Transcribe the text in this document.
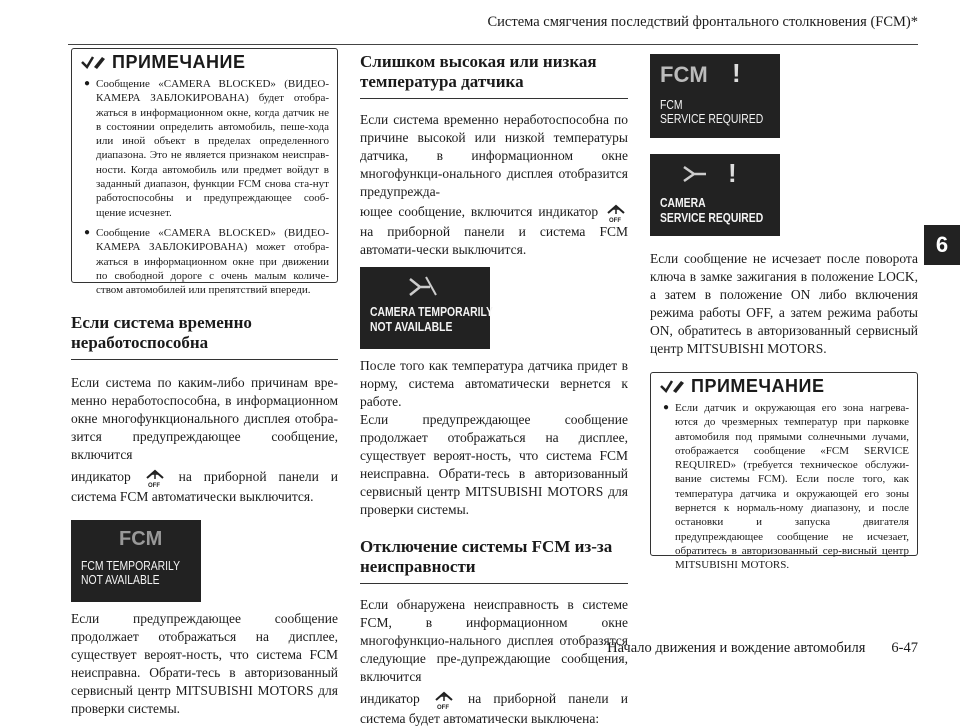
Система смягчения последствий фронтального столкновения (FCM)*
6
ПРИМЕЧАНИЕ
● Сообщение «CAMERA BLOCKED» (ВИДЕО-КАМЕРА ЗАБЛОКИРОВАНА) будет отобра-жаться в информационном окне, когда датчик не в состоянии определить автомобиль, пеше-хода или иной объект в пределах определенного диапазона. Это не является признаком неисправ-ности. Когда автомобиль или предмет войдут в заданный диапазон, функции FCM снова ста-нут работоспособны и предупреждающее сооб-щение исчезнет.
● Сообщение «CAMERA BLOCKED» (ВИДЕО-КАМЕРА ЗАБЛОКИРОВАНА) может отобра-жаться в информационном окне при движении по свободной дороге с очень малым количе-ством автомобилей или препятствий впереди.
Если система временно неработоспособна

Если система по каким-либо причинам вре-менно неработоспособна, в информационном окне многофункционального дисплея отобра-зится предупреждающее сообщение, включится

индикатор
OFF
на приборной панели и система FCM автоматически выключится.

FCM
FCM TEMPORARILY
NOT AVAILABLE

Если предупреждающее сообщение продолжает отображаться на дисплее, существует вероят-ность, что система FCM неисправна. Обрати-тесь в авторизованный сервисный центр MITSUBISHI MOTORS для проверки системы.

Слишком высокая или низкая температура датчика

Если система временно неработоспособна по причине высокой или низкой температуры датчика, в информационном окне многофункци-онального дисплея отобразится предупрежда-

ющее сообщение, включится индикатор
OFF
на приборной панели и система FCM автомати-чески выключится.

CAMERA TEMPORARILY
NOT AVAILABLE

После того как температура датчика придет в норму, система автоматически вернется к работе.

Если предупреждающее сообщение продолжает отображаться на дисплее, существует вероят-ность, что система FCM неисправна. Обрати-тесь в авторизованный сервисный центр MITSUBISHI MOTORS для проверки системы.

Отключение системы FCM из-за неисправности

Если обнаружена неисправность в системе FCM, в информационном окне многофункцио-нального дисплея отобразятся следующие пре-дупреждающие сообщения, включится

индикатор
OFF
на приборной панели и система будет автоматически выключена:

FCM !
FCM
SERVICE REQUIRED
!
CAMERA
SERVICE REQUIRED

Если сообщение не исчезает после поворота ключа в замке зажигания в положение LOCK, а затем в положение ON либо включения режима работы OFF, а затем режима работы ON, обратитесь в авторизованный сервисный центр MITSUBISHI MOTORS.

ПРИМЕЧАНИЕ
● Если датчик и окружающая его зона нагрева-ются до чрезмерных температур при парковке автомобиля под прямыми солнечными лучами, отображается сообщение «FCM SERVICE REQUIRED» (требуется техническое обслужи-вание системы FCM). Если после того, как температура датчика и окружающей его зоны вернется к нормаль-ному диапазону, и после остановки и запуска двигателя предупреждающее сообщение не исчезает, обратитесь в авторизованный сер-висный центр MITSUBISHI MOTORS.
Начало движения и вождение автомобиля 6-47
